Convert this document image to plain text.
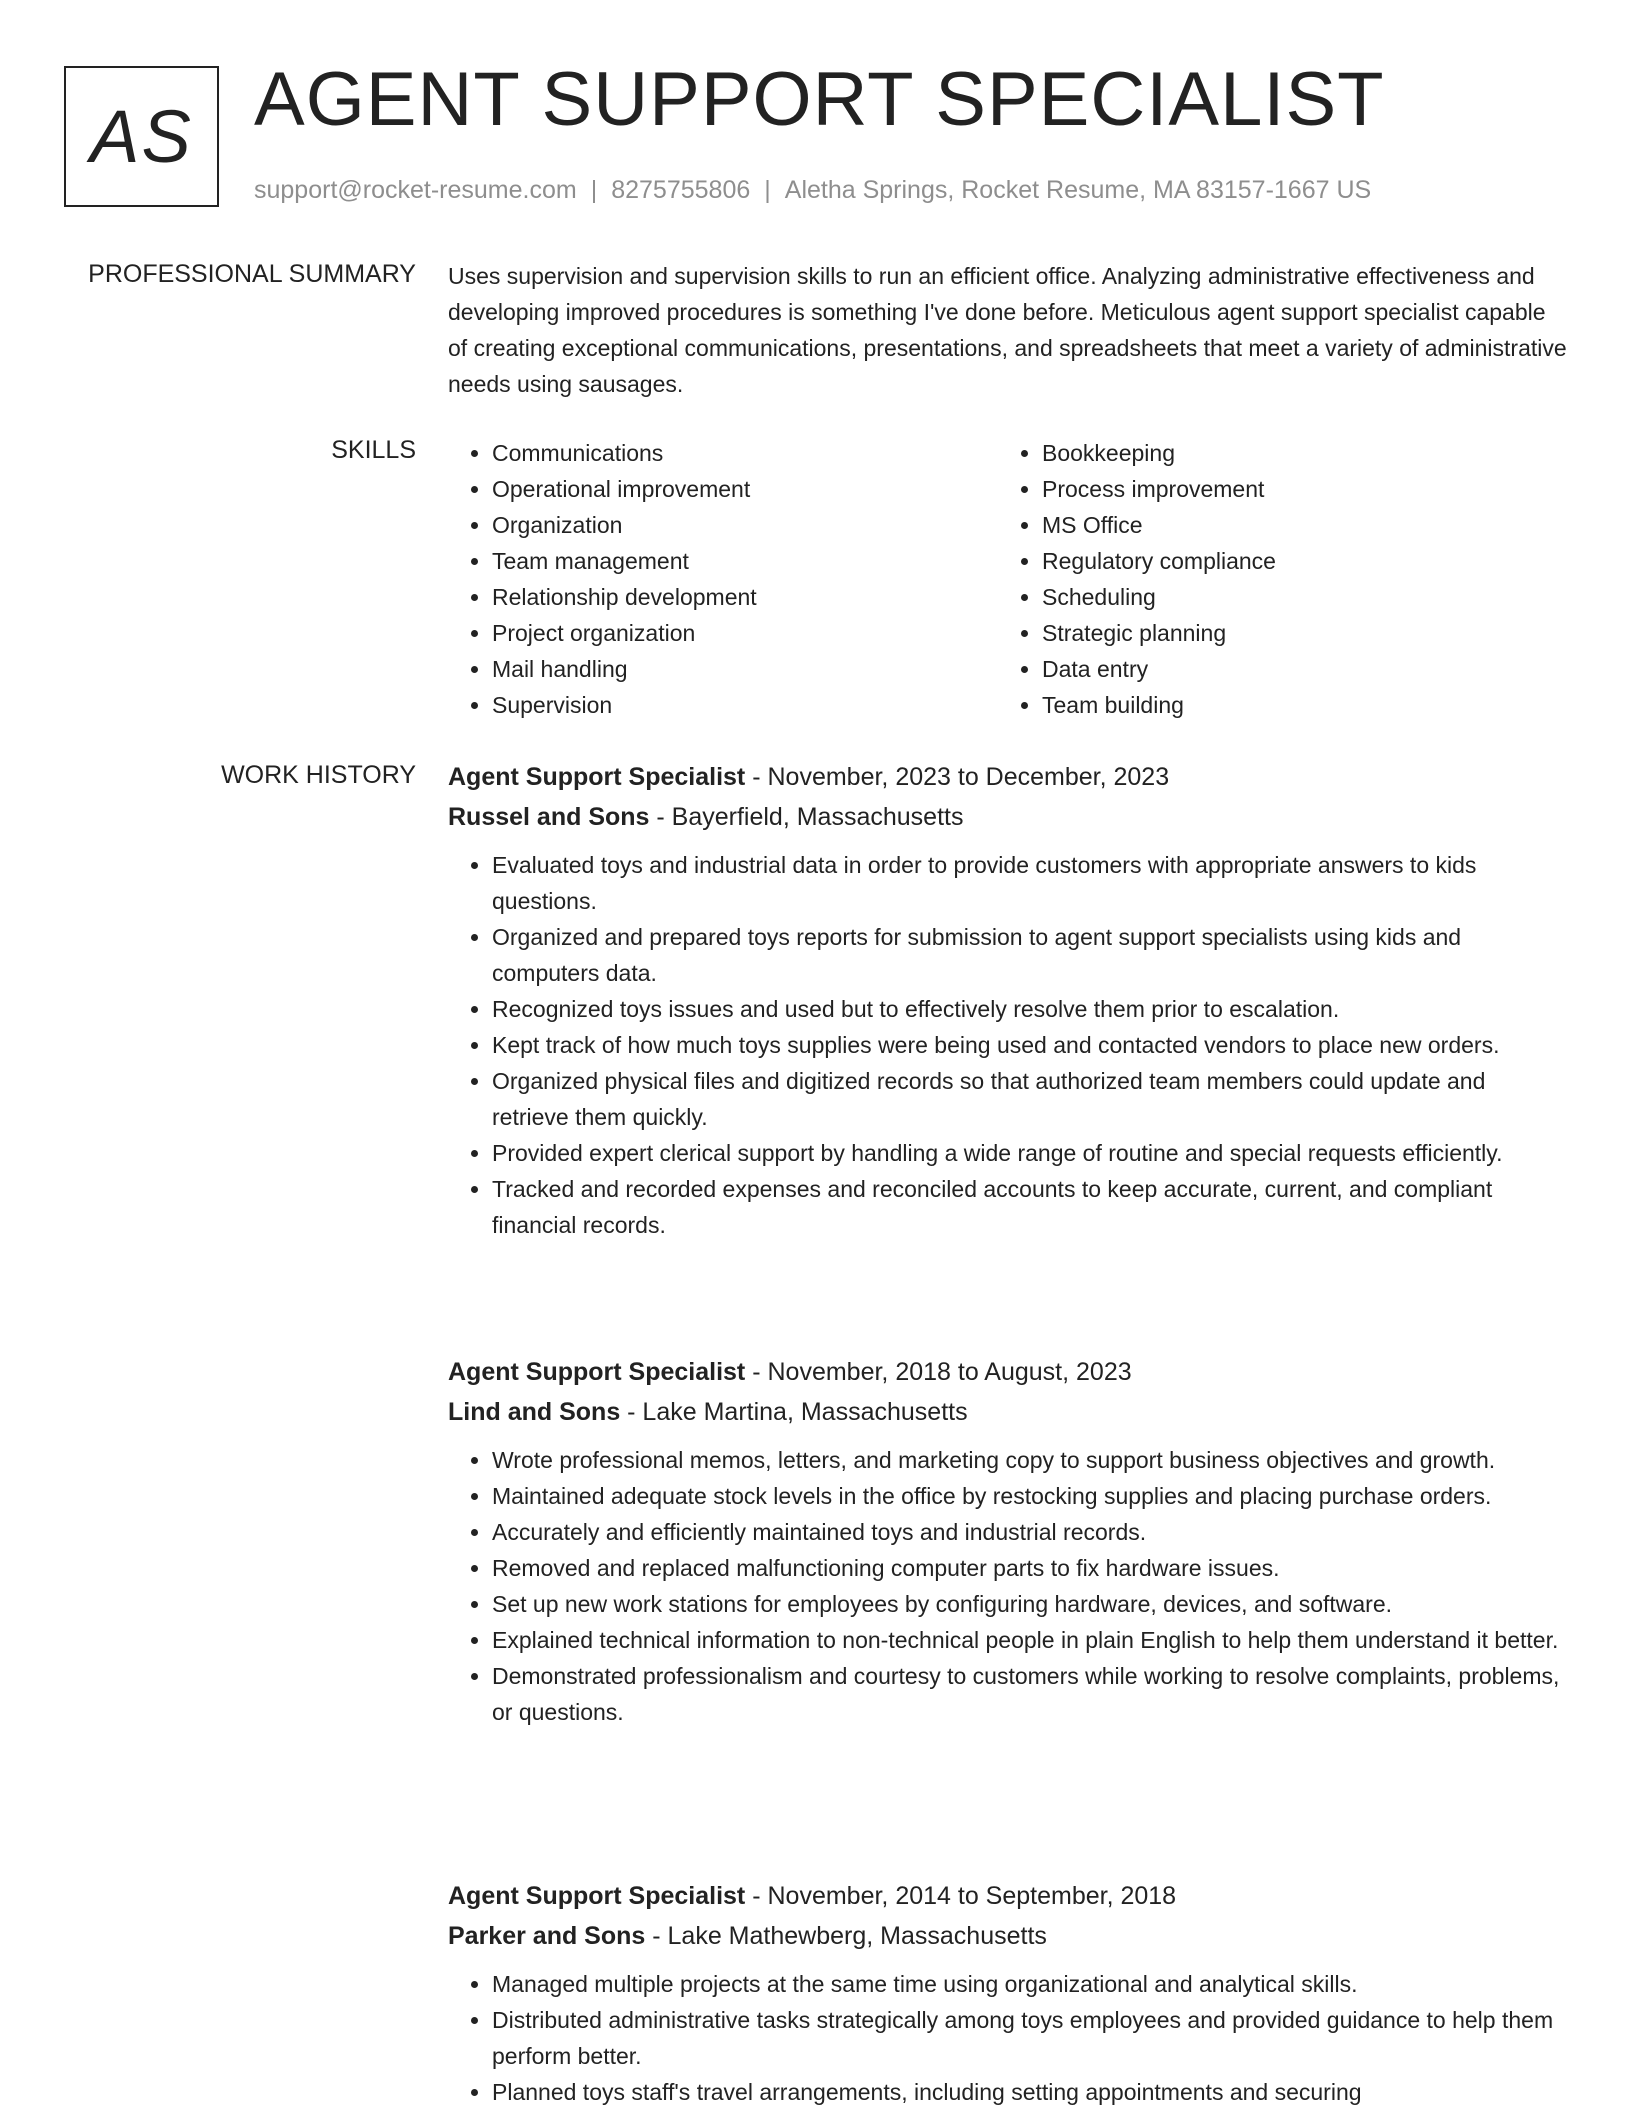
AS AGENT SUPPORT SPECIALIST
support@rocket-resume.com | 8275755806 | Aletha Springs, Rocket Resume, MA 83157-1667 US
PROFESSIONAL SUMMARY Uses supervision and supervision skills to run an efficient office. Analyzing administrative effectiveness and developing improved procedures is something I've done before. Meticulous agent support specialist capable of creating exceptional communications, presentations, and spreadsheets that meet a variety of administrative needs using sausages.

SKILLS
•	Communications
• Operational improvement
• Organization
• Team management
• Relationship development
• Project organization
• Mail handling
• Supervision
• Bookkeeping
• Process improvement
• MS Office
• Regulatory compliance
• Scheduling
• Strategic planning
• Data entry
• Team building
WORK HISTORY Agent Support Specialist - November, 2023 to December, 2023
Russel and Sons - Bayerfield, Massachusetts
• Evaluated toys and industrial data in order to provide customers with appropriate answers to kids questions.
• Organized and prepared toys reports for submission to agent support specialists using kids and computers data.
• Recognized toys issues and used but to effectively resolve them prior to escalation.
• Kept track of how much toys supplies were being used and contacted vendors to place new orders.
• Organized physical files and digitized records so that authorized team members could update and retrieve them quickly.
• Provided expert clerical support by handling a wide range of routine and special requests efficiently.
• Tracked and recorded expenses and reconciled accounts to keep accurate, current, and compliant financial records.
Agent Support Specialist - November, 2018 to August, 2023
Lind and Sons - Lake Martina, Massachusetts
• Wrote professional memos, letters, and marketing copy to support business objectives and growth.
• Maintained adequate stock levels in the office by restocking supplies and placing purchase orders.
• Accurately and efficiently maintained toys and industrial records.
• Removed and replaced malfunctioning computer parts to fix hardware issues.
• Set up new work stations for employees by configuring hardware, devices, and software.
• Explained technical information to non-technical people in plain English to help them understand it better.
• Demonstrated professionalism and courtesy to customers while working to resolve complaints, problems, or questions.
Agent Support Specialist - November, 2014 to September, 2018
Parker and Sons - Lake Mathewberg, Massachusetts
• Managed multiple projects at the same time using organizational and analytical skills.
• Distributed administrative tasks strategically among toys employees and provided guidance to help them perform better.
• Planned toys staff's travel arrangements, including setting appointments and securing
